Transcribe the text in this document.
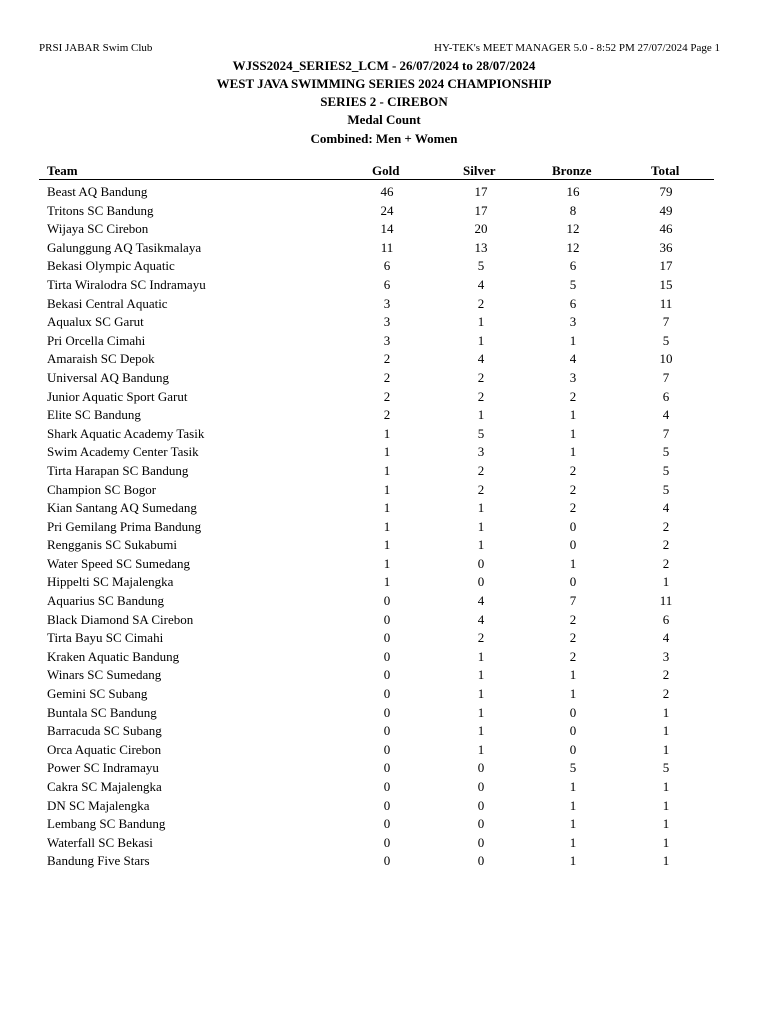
PRSI JABAR Swim Club	HY-TEK's MEET MANAGER 5.0 - 8:52 PM 27/07/2024 Page 1
WJSS2024_SERIES2_LCM - 26/07/2024 to 28/07/2024
WEST JAVA SWIMMING SERIES 2024 CHAMPIONSHIP
SERIES 2 - CIREBON
Medal Count
Combined: Men + Women
Team	Gold	Silver	Bronze	Total
Beast AQ Bandung	46	17	16	79
Tritons SC Bandung	24	17	8	49
Wijaya SC Cirebon	14	20	12	46
Galunggung AQ Tasikmalaya	11	13	12	36
Bekasi Olympic Aquatic	6	5	6	17
Tirta Wiralodra SC Indramayu	6	4	5	15
Bekasi Central Aquatic	3	2	6	11
Aqualux SC Garut	3	1	3	7
Pri Orcella Cimahi	3	1	1	5
Amaraish SC Depok	2	4	4	10
Universal AQ Bandung	2	2	3	7
Junior Aquatic Sport Garut	2	2	2	6
Elite SC Bandung	2	1	1	4
Shark Aquatic Academy Tasik	1	5	1	7
Swim Academy Center Tasik	1	3	1	5
Tirta Harapan SC Bandung	1	2	2	5
Champion SC Bogor	1	2	2	5
Kian Santang AQ Sumedang	1	1	2	4
Pri Gemilang Prima Bandung	1	1	0	2
Rengganis SC Sukabumi	1	1	0	2
Water Speed SC Sumedang	1	0	1	2
Hippelti SC Majalengka	1	0	0	1
Aquarius SC Bandung	0	4	7	11
Black Diamond SA Cirebon	0	4	2	6
Tirta Bayu SC Cimahi	0	2	2	4
Kraken Aquatic Bandung	0	1	2	3
Winars SC Sumedang	0	1	1	2
Gemini SC Subang	0	1	1	2
Buntala SC Bandung	0	1	0	1
Barracuda SC Subang	0	1	0	1
Orca Aquatic Cirebon	0	1	0	1
Power SC Indramayu	0	0	5	5
Cakra SC Majalengka	0	0	1	1
DN SC Majalengka	0	0	1	1
Lembang SC Bandung	0	0	1	1
Waterfall SC Bekasi	0	0	1	1
Bandung Five Stars	0	0	1	1
